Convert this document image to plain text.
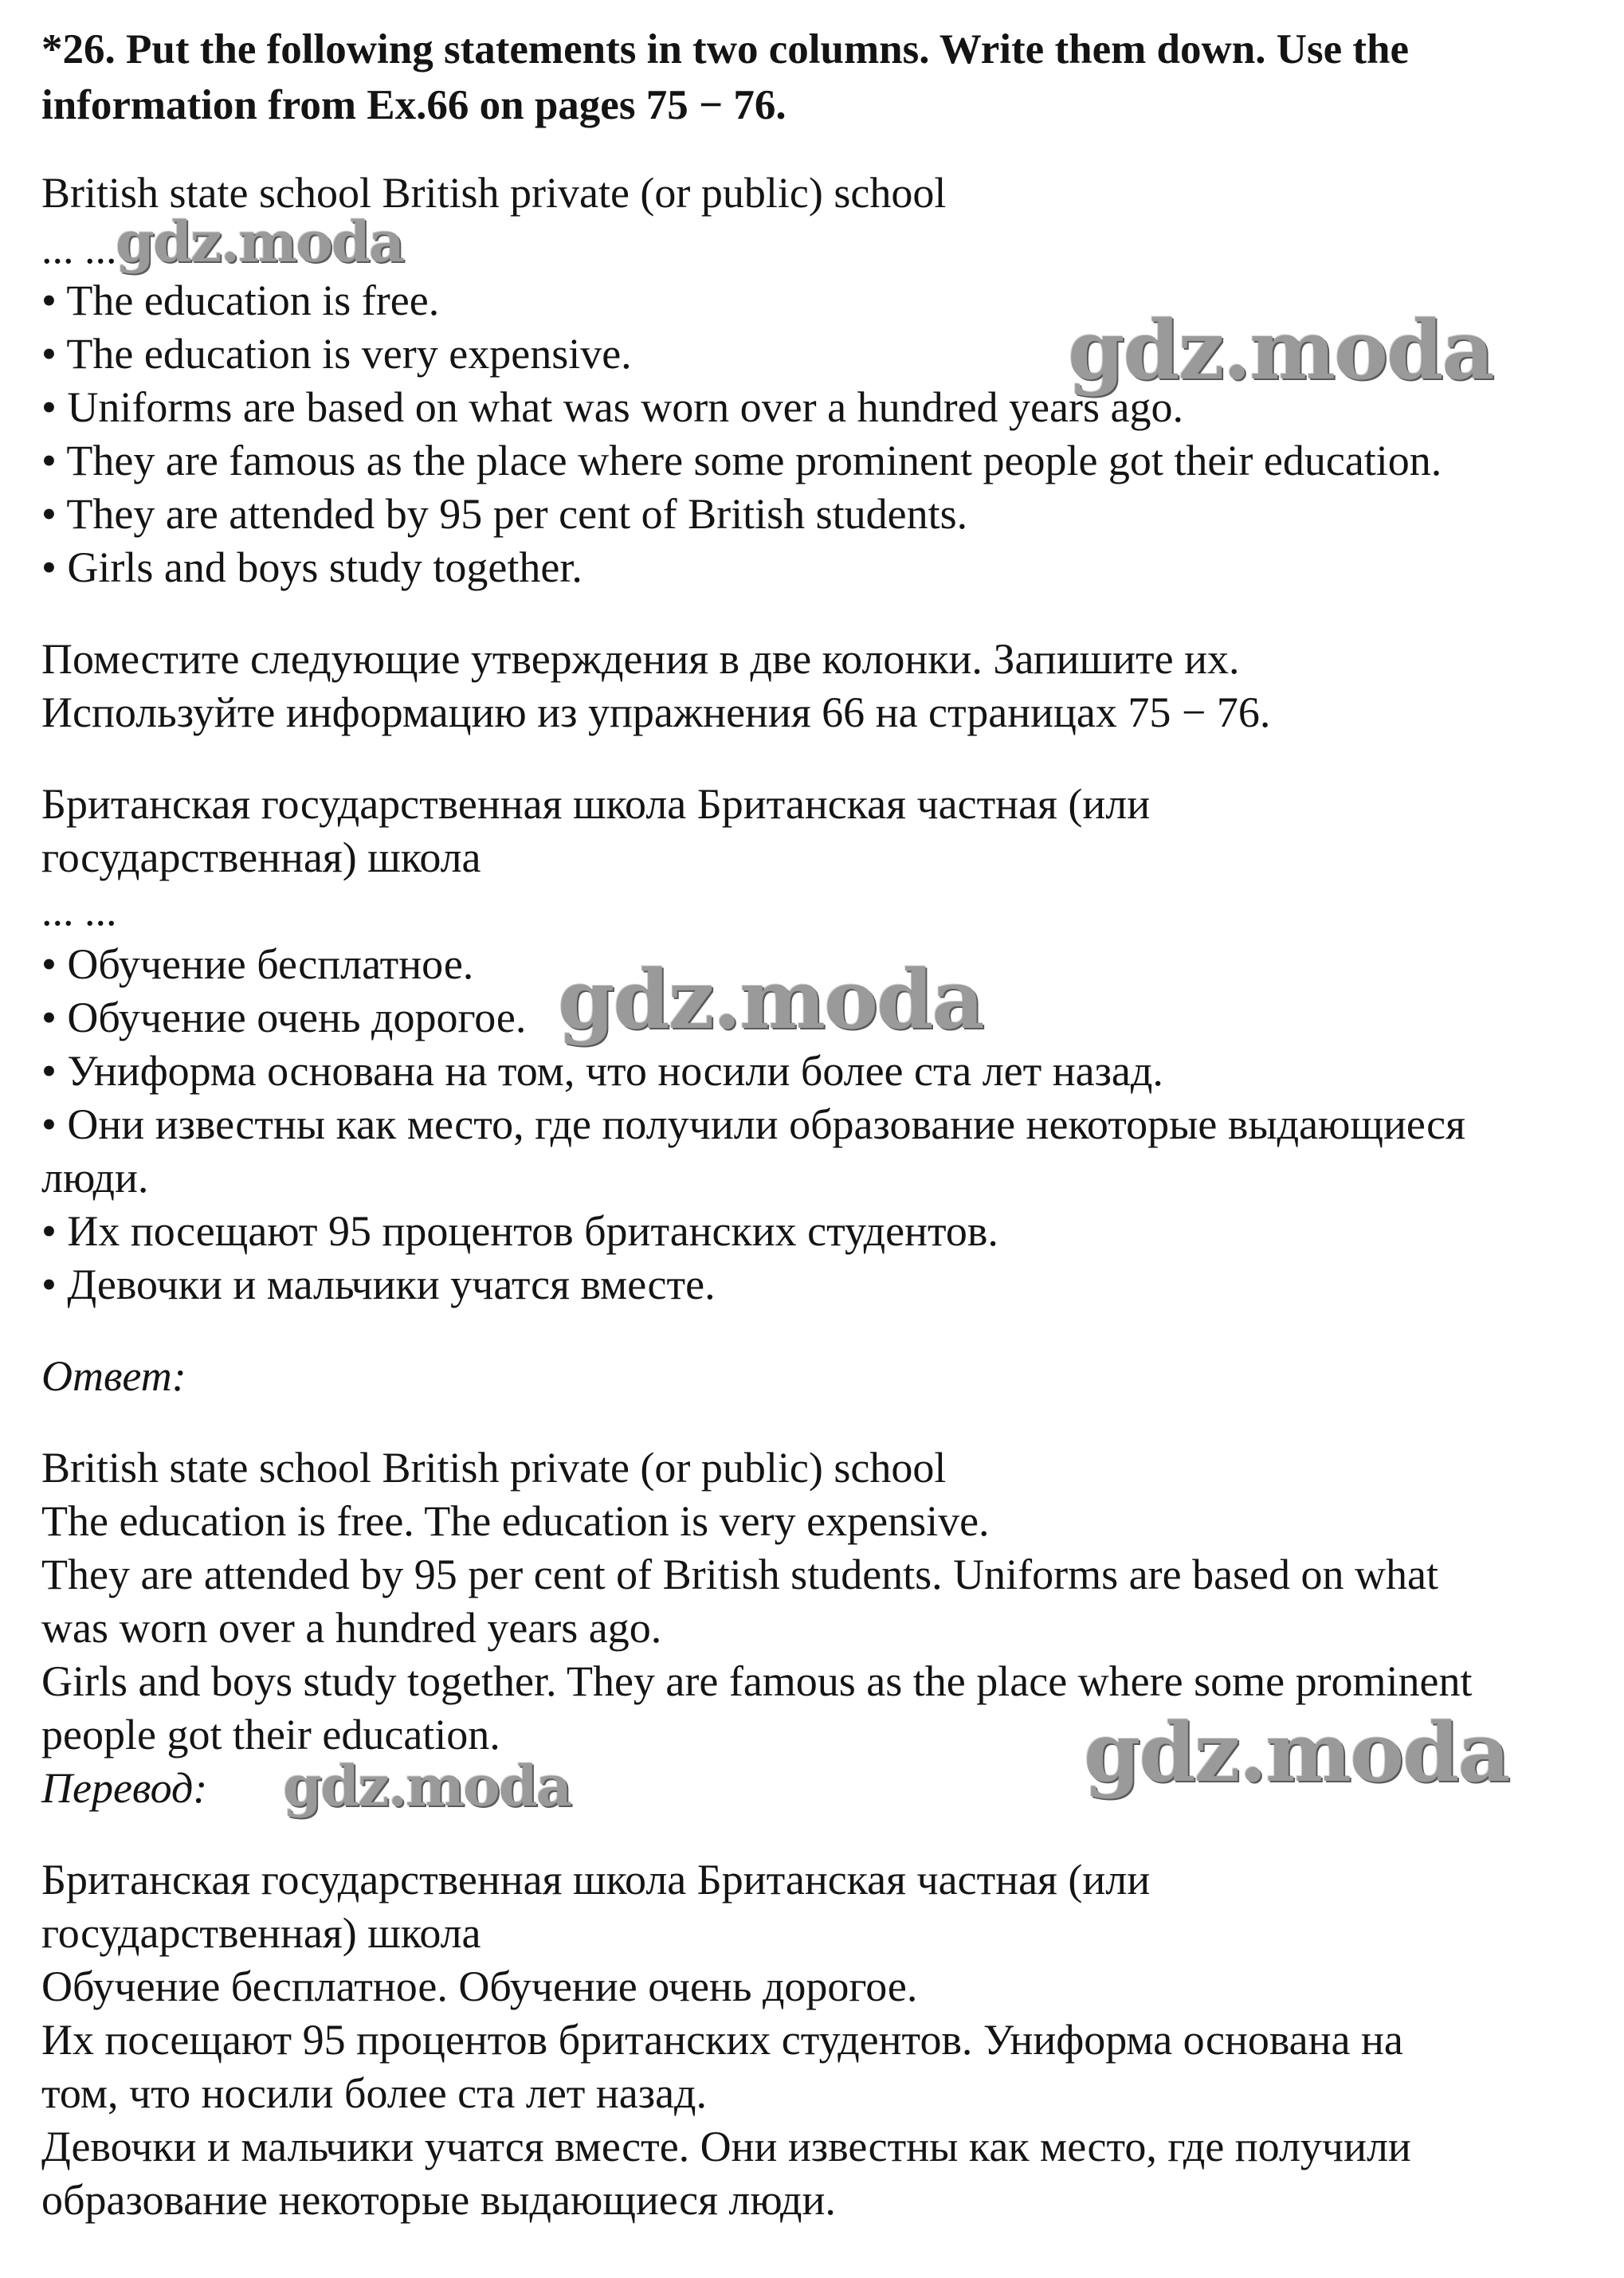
*26. Put the following statements in two columns. Write them down. Use the

information from Ex.66 on pages 75 − 76.

British state school British private (or public) school

... ...

• The education is free.

• The education is very expensive.

• Uniforms are based on what was worn over a hundred years ago.

• They are famous as the place where some prominent people got their education.

• They are attended by 95 per cent of British students.

• Girls and boys study together.

Поместите следующие утверждения в две колонки. Запишите их.

Используйте информацию из упражнения 66 на страницах 75 − 76.

Британская государственная школа Британская частная (или

государственная) школа

... ...

• Обучение бесплатное.

• Обучение очень дорогое.

• Униформа основана на том, что носили более ста лет назад.

• Они известны как место, где получили образование некоторые выдающиеся

люди.

• Их посещают 95 процентов британских студентов.

• Девочки и мальчики учатся вместе.

Ответ:

British state school British private (or public) school

The education is free. The education is very expensive.

They are attended by 95 per cent of British students. Uniforms are based on what

was worn over a hundred years ago.

Girls and boys study together. They are famous as the place where some prominent

people got their education.

Перевод:

Британская государственная школа Британская частная (или

государственная) школа

Обучение бесплатное. Обучение очень дорогое.

Их посещают 95 процентов британских студентов. Униформа основана на

том, что носили более ста лет назад.

Девочки и мальчики учатся вместе. Они известны как место, где получили

образование некоторые выдающиеся люди.

gdz.moda
gdz.moda
gdz.moda
gdz.moda
gdz.moda
